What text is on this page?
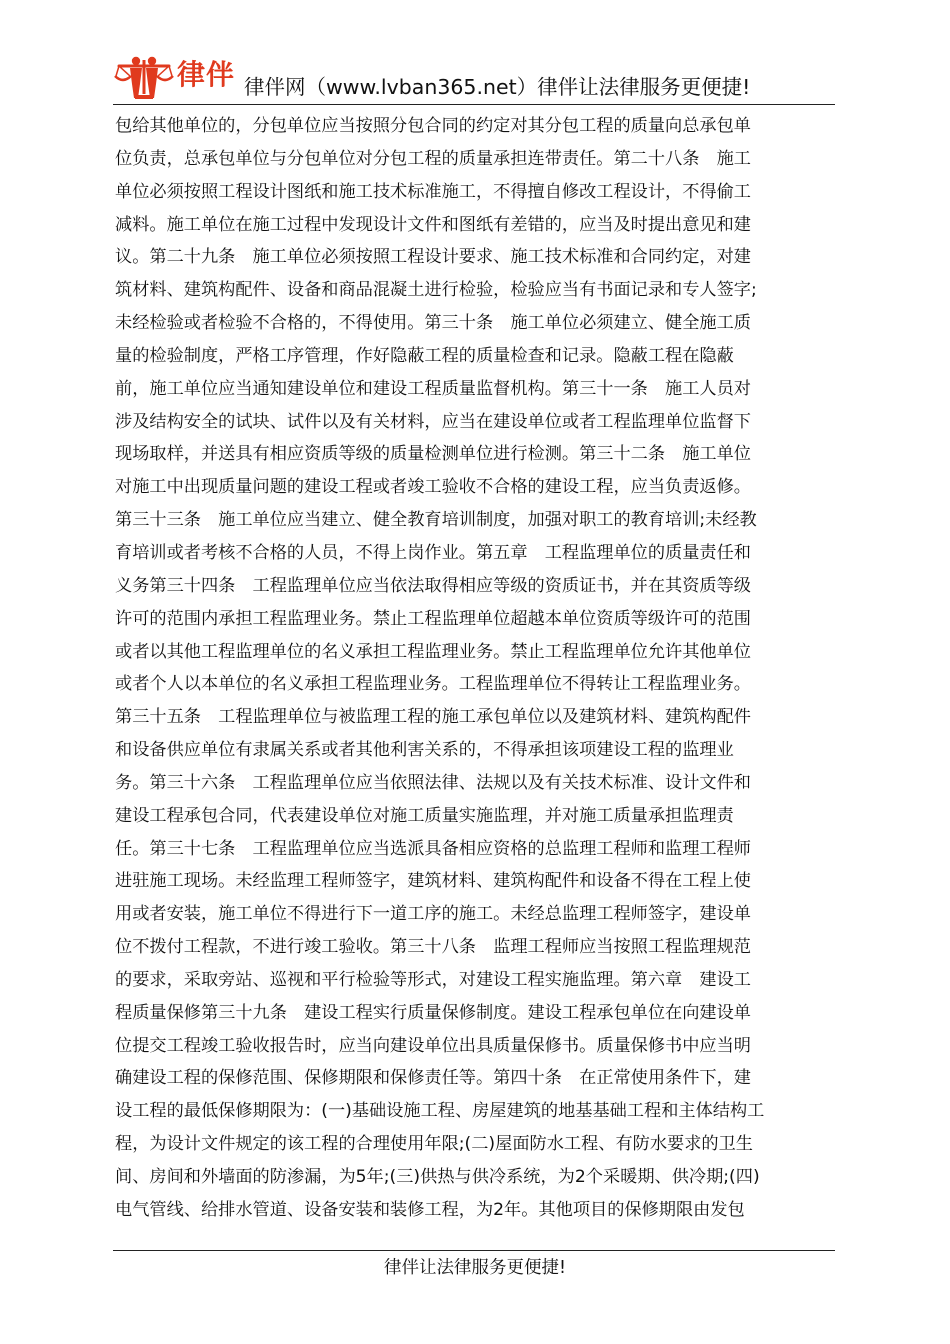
律伴 律伴网（www.lvban365.net）律伴让法律服务更便捷!
包给其他单位的，分包单位应当按照分包合同的约定对其分包工程的质量向总承包单
位负责，总承包单位与分包单位对分包工程的质量承担连带责任。第二十八条　施工
单位必须按照工程设计图纸和施工技术标准施工，不得擅自修改工程设计，不得偷工
减料。施工单位在施工过程中发现设计文件和图纸有差错的，应当及时提出意见和建
议。第二十九条　施工单位必须按照工程设计要求、施工技术标准和合同约定，对建
筑材料、建筑构配件、设备和商品混凝土进行检验，检验应当有书面记录和专人签字;
未经检验或者检验不合格的，不得使用。第三十条　施工单位必须建立、健全施工质
量的检验制度，严格工序管理，作好隐蔽工程的质量检查和记录。隐蔽工程在隐蔽
前，施工单位应当通知建设单位和建设工程质量监督机构。第三十一条　施工人员对
涉及结构安全的试块、试件以及有关材料，应当在建设单位或者工程监理单位监督下
现场取样，并送具有相应资质等级的质量检测单位进行检测。第三十二条　施工单位
对施工中出现质量问题的建设工程或者竣工验收不合格的建设工程，应当负责返修。
第三十三条　施工单位应当建立、健全教育培训制度，加强对职工的教育培训;未经教
育培训或者考核不合格的人员，不得上岗作业。第五章　工程监理单位的质量责任和
义务第三十四条　工程监理单位应当依法取得相应等级的资质证书，并在其资质等级
许可的范围内承担工程监理业务。禁止工程监理单位超越本单位资质等级许可的范围
或者以其他工程监理单位的名义承担工程监理业务。禁止工程监理单位允许其他单位
或者个人以本单位的名义承担工程监理业务。工程监理单位不得转让工程监理业务。
第三十五条　工程监理单位与被监理工程的施工承包单位以及建筑材料、建筑构配件
和设备供应单位有隶属关系或者其他利害关系的，不得承担该项建设工程的监理业
务。第三十六条　工程监理单位应当依照法律、法规以及有关技术标准、设计文件和
建设工程承包合同，代表建设单位对施工质量实施监理，并对施工质量承担监理责
任。第三十七条　工程监理单位应当选派具备相应资格的总监理工程师和监理工程师
进驻施工现场。未经监理工程师签字，建筑材料、建筑构配件和设备不得在工程上使
用或者安装，施工单位不得进行下一道工序的施工。未经总监理工程师签字，建设单
位不拨付工程款，不进行竣工验收。第三十八条　监理工程师应当按照工程监理规范
的要求，采取旁站、巡视和平行检验等形式，对建设工程实施监理。第六章　建设工
程质量保修第三十九条　建设工程实行质量保修制度。建设工程承包单位在向建设单
位提交工程竣工验收报告时，应当向建设单位出具质量保修书。质量保修书中应当明
确建设工程的保修范围、保修期限和保修责任等。第四十条　在正常使用条件下，建
设工程的最低保修期限为：(一)基础设施工程、房屋建筑的地基基础工程和主体结构工
程，为设计文件规定的该工程的合理使用年限;(二)屋面防水工程、有防水要求的卫生
间、房间和外墙面的防渗漏，为5年;(三)供热与供冷系统，为2个采暖期、供冷期;(四)
电气管线、给排水管道、设备安装和装修工程，为2年。其他项目的保修期限由发包
律伴让法律服务更便捷!
